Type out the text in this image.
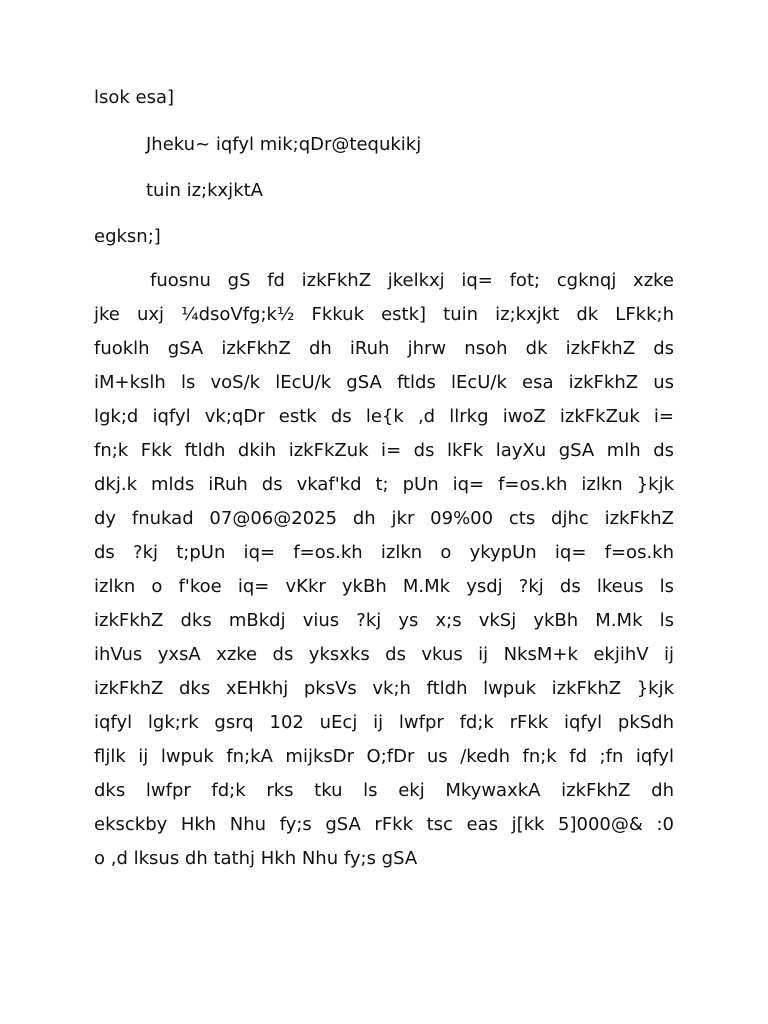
lsok esa]
Jheku~ iqfyl mik;qDr@tequkikj
tuin iz;kxjktA
egksn;]
fuosnu gS fd izkFkhZ jkelkxj iq= fot; cgknqj xzke
jke uxj ¼dsoVfg;k½ Fkkuk estk] tuin iz;kxjkt dk LFkk;h
fuoklh gSA izkFkhZ dh iRuh jhrw nsoh dk izkFkhZ ds
iM+kslh ls voS/k lEcU/k gSA ftlds lEcU/k esa izkFkhZ us
lgk;d iqfyl vk;qDr estk ds le{k ,d llrkg iwoZ izkFkZuk i=
fn;k Fkk ftldh dkih izkFkZuk i= ds lkFk layXu gSA mlh ds
dkj.k mlds iRuh ds vkaf'kd t; pUn iq= f=os.kh izlkn }kjk
dy fnukad 07@06@2025 dh jkr 09%00 cts djhc izkFkhZ
ds ?kj t;pUn iq= f=os.kh izlkn o ykypUn iq= f=os.kh
izlkn o f'koe iq= vKkr ykBh M.Mk ysdj ?kj ds lkeus ls
izkFkhZ dks mBkdj vius ?kj ys x;s vkSj ykBh M.Mk ls
ihVus yxsA xzke ds yksxks ds vkus ij NksM+k ekjihV ij
izkFkhZ dks xEHkhj pksVs vk;h ftldh lwpuk izkFkhZ }kjk
iqfyl lgk;rk gsrq 102 uEcj ij lwfpr fd;k rFkk iqfyl pkSdh
fljlk ij lwpuk fn;kA mijksDr O;fDr us /kedh fn;k fd ;fn iqfyl
dks lwfpr fd;k rks tku ls ekj MkywaxkA izkFkhZ dh
eksckby Hkh Nhu fy;s gSA rFkk tsc eas j[kk 5]000@& :0
o ,d lksus dh tathj Hkh Nhu fy;s gSA
